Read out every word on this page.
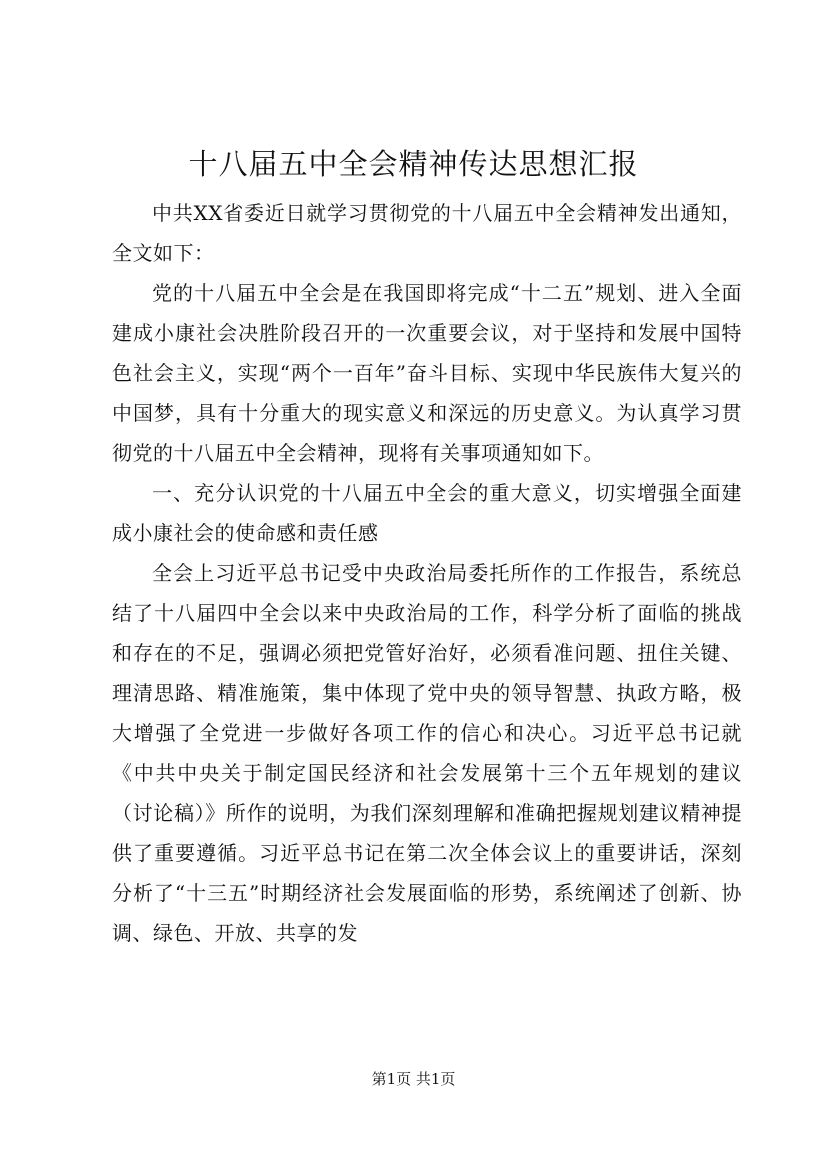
十八届五中全会精神传达思想汇报

中共XX省委近日就学习贯彻党的十八届五中全会精神发出通知，全文如下：

党的十八届五中全会是在我国即将完成“十二五”规划、进入全面建成小康社会决胜阶段召开的一次重要会议，对于坚持和发展中国特色社会主义，实现“两个一百年”奋斗目标、实现中华民族伟大复兴的中国梦，具有十分重大的现实意义和深远的历史意义。为认真学习贯彻党的十八届五中全会精神，现将有关事项通知如下。

一、充分认识党的十八届五中全会的重大意义，切实增强全面建成小康社会的使命感和责任感

全会上习近平总书记受中央政治局委托所作的工作报告，系统总结了十八届四中全会以来中央政治局的工作，科学分析了面临的挑战和存在的不足，强调必须把党管好治好，必须看准问题、扭住关键、理清思路、精准施策，集中体现了党中央的领导智慧、执政方略，极大增强了全党进一步做好各项工作的信心和决心。习近平总书记就《中共中央关于制定国民经济和社会发展第十三个五年规划的建议（讨论稿）》所作的说明，为我们深刻理解和准确把握规划建议精神提供了重要遵循。习近平总书记在第二次全体会议上的重要讲话，深刻分析了“十三五”时期经济社会发展面临的形势，系统阐述了创新、协调、绿色、开放、共享的发

第1页 共1页
